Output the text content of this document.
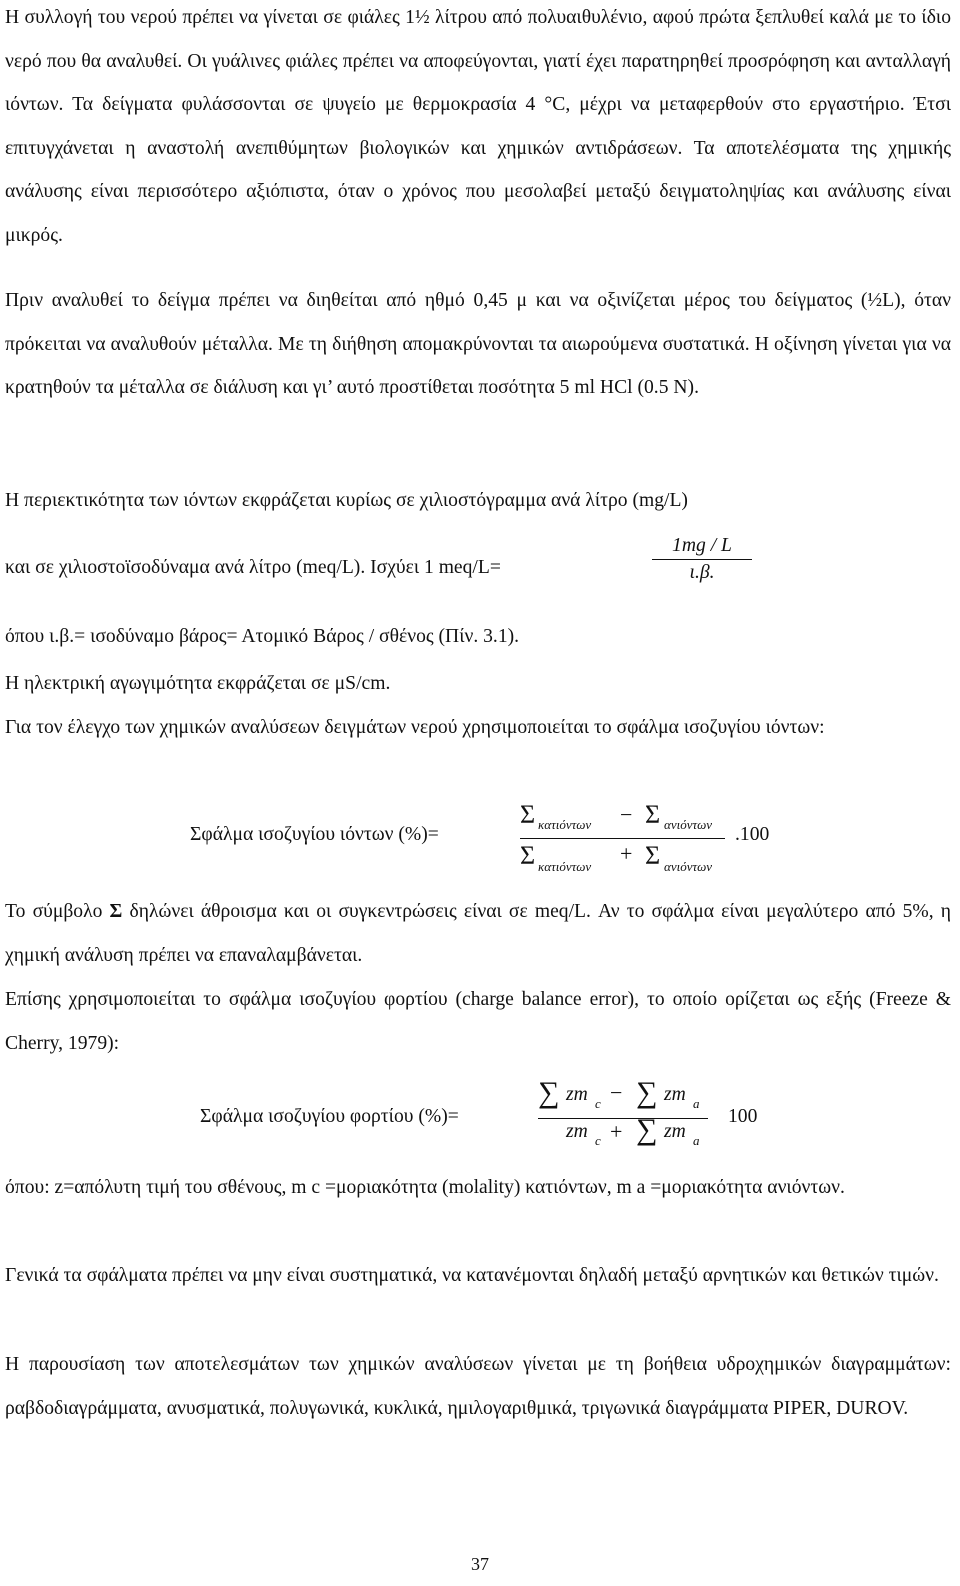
Η συλλογή του νερού πρέπει να γίνεται σε φιάλες 1½ λίτρου από πολυαιθυλένιο, αφού πρώτα ξεπλυθεί καλά με το ίδιο νερό που θα αναλυθεί. Οι γυάλινες φιάλες πρέπει να αποφεύγονται, γιατί έχει παρατηρηθεί προσρόφηση και ανταλλαγή ιόντων. Τα δείγματα φυλάσσονται σε ψυγείο με θερμοκρασία 4 °C, μέχρι να μεταφερθούν στο εργαστήριο. Έτσι επιτυγχάνεται η αναστολή ανεπιθύμητων βιολογικών και χημικών αντιδράσεων. Τα αποτελέσματα της χημικής ανάλυσης είναι περισσότερο αξιόπιστα, όταν ο χρόνος που μεσολαβεί μεταξύ δειγματοληψίας και ανάλυσης είναι μικρός.

Πριν αναλυθεί το δείγμα πρέπει να διηθείται από ηθμό 0,45 μ και να οξινίζεται μέρος του δείγματος (½L), όταν πρόκειται να αναλυθούν μέταλλα. Με τη διήθηση απομακρύνονται τα αιωρούμενα συστατικά. Η οξίνηση γίνεται για να κρατηθούν τα μέταλλα σε διάλυση και γι’ αυτό προστίθεται ποσότητα 5 ml HCl (0.5 N).

Η περιεκτικότητα των ιόντων εκφράζεται κυρίως σε χιλιοστόγραμμα ανά λίτρο (mg/L)
και σε χιλιοστοϊσοδύναμα ανά λίτρο (meq/L). Ισχύει 1 meq/L=	$\frac{1mg / L}{\iota.\beta.}$
όπου ι.β.= ισοδύναμο βάρος= Ατομικό Βάρος / σθένος (Πίν. 3.1).
Η ηλεκτρική αγωγιμότητα εκφράζεται σε μS/cm.

Για τον έλεγχο των χημικών αναλύσεων δειγμάτων νερού χρησιμοποιείται το σφάλμα ισοζυγίου ιόντων:

Σφάλμα ισοζυγίου ιόντων (%)=
Σ κατιόντων − Σ ανιόντων
Σ κατιόντων
+ Σ ανιόντων
.100

Το σύμβολο Σ δηλώνει άθροισμα και οι συγκεντρώσεις είναι σε meq/L. Αν το σφάλμα είναι μεγαλύτερο από 5%, η χημική ανάλυση πρέπει να επαναλαμβάνεται.

Επίσης χρησιμοποιείται το σφάλμα ισοζυγίου φορτίου (charge balance error), το οποίο ορίζεται ως εξής (Freeze & Cherry, 1979):

Σφάλμα ισοζυγίου φορτίου (%)=
∑ zm c − ∑ zm a
zm c + ∑ zm a
100

όπου: z=απόλυτη τιμή του σθένους, m c =μοριακότητα (molality) κατιόντων, m a =μοριακότητα ανιόντων.

Γενικά τα σφάλματα πρέπει να μην είναι συστηματικά, να κατανέμονται δηλαδή μεταξύ αρνητικών και θετικών τιμών.

Η παρουσίαση των αποτελεσμάτων των χημικών αναλύσεων γίνεται με τη βοήθεια υδροχημικών διαγραμμάτων: ραβδοδιαγράμματα, ανυσματικά, πολυγωνικά, κυκλικά, ημιλογαριθμικά, τριγωνικά διαγράμματα PIPER, DUROV.

37
